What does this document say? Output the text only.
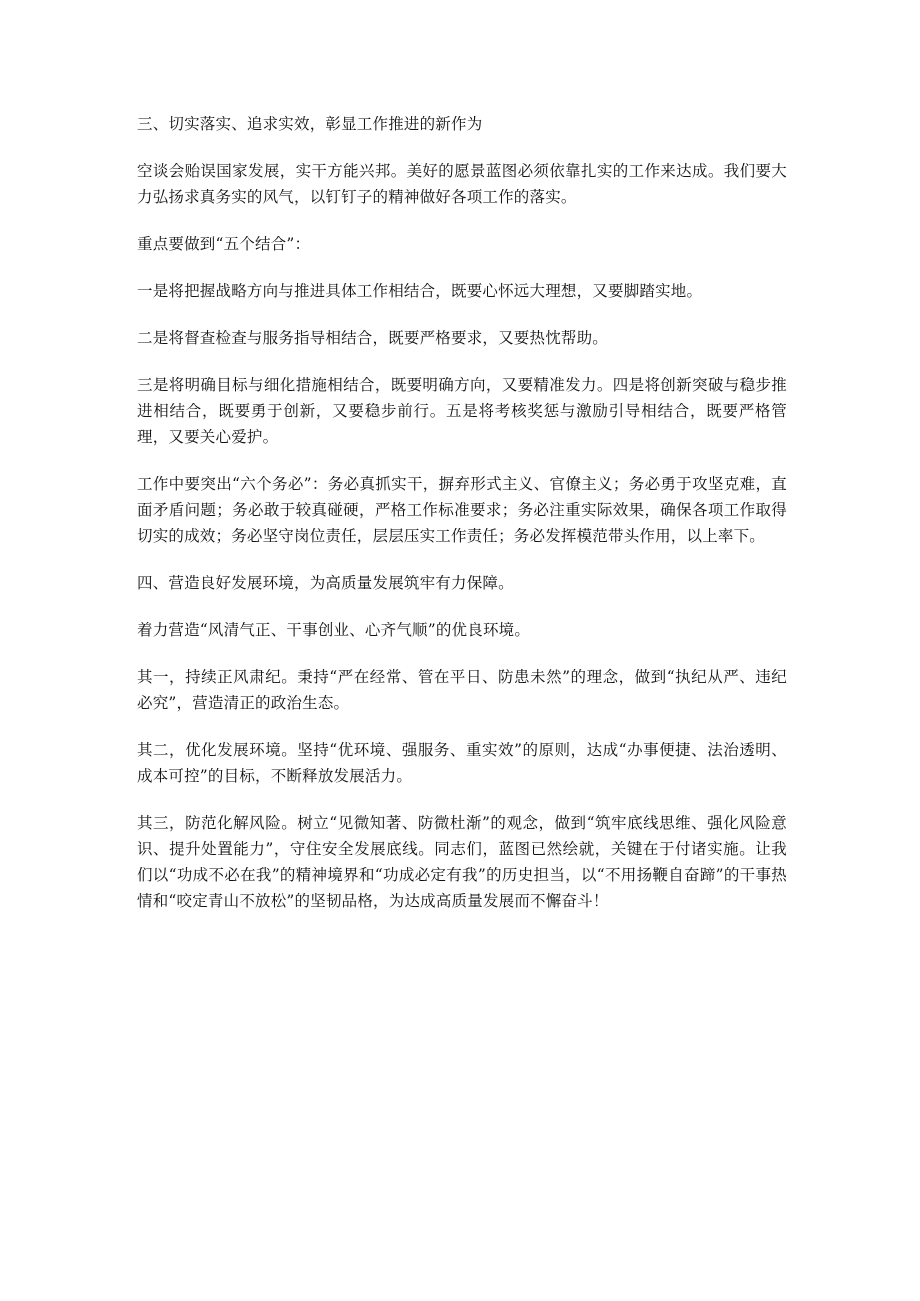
三、切实落实、追求实效，彰显工作推进的新作为

空谈会贻误国家发展，实干方能兴邦。美好的愿景蓝图必须依靠扎实的工作来达成。我们要大力弘扬求真务实的风气，以钉钉子的精神做好各项工作的落实。

重点要做到“五个结合”：

一是将把握战略方向与推进具体工作相结合，既要心怀远大理想，又要脚踏实地。

二是将督查检查与服务指导相结合，既要严格要求，又要热忱帮助。

三是将明确目标与细化措施相结合，既要明确方向，又要精准发力。四是将创新突破与稳步推进相结合，既要勇于创新，又要稳步前行。五是将考核奖惩与激励引导相结合，既要严格管理，又要关心爱护。

工作中要突出“六个务必”：务必真抓实干，摒弃形式主义、官僚主义；务必勇于攻坚克难，直面矛盾问题；务必敢于较真碰硬，严格工作标准要求；务必注重实际效果，确保各项工作取得切实的成效；务必坚守岗位责任，层层压实工作责任；务必发挥模范带头作用，以上率下。

四、营造良好发展环境，为高质量发展筑牢有力保障。

着力营造“风清气正、干事创业、心齐气顺”的优良环境。

其一，持续正风肃纪。秉持“严在经常、管在平日、防患未然”的理念，做到“执纪从严、违纪必究”，营造清正的政治生态。

其二，优化发展环境。坚持“优环境、强服务、重实效”的原则，达成“办事便捷、法治透明、成本可控”的目标，不断释放发展活力。

其三，防范化解风险。树立“见微知著、防微杜渐”的观念，做到“筑牢底线思维、强化风险意识、提升处置能力”，守住安全发展底线。同志们，蓝图已然绘就，关键在于付诸实施。让我们以“功成不必在我”的精神境界和“功成必定有我”的历史担当，以“不用扬鞭自奋蹄”的干事热情和“咬定青山不放松”的坚韧品格，为达成高质量发展而不懈奋斗！
